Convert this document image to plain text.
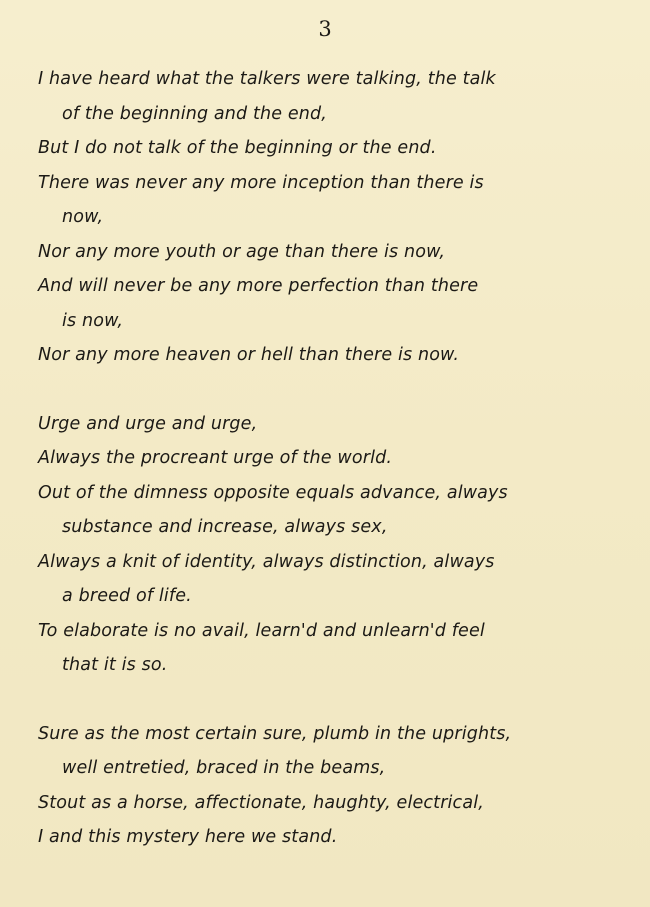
3
I have heard what the talkers were talking, the talk
of the beginning and the end,
But I do not talk of the beginning or the end.
There was never any more inception than there is
now,
Nor any more youth or age than there is now,
And will never be any more perfection than there
is now,
Nor any more heaven or hell than there is now.
Urge and urge and urge,
Always the procreant urge of the world.
Out of the dimness opposite equals advance, always
substance and increase, always sex,
Always a knit of identity, always distinction, always
a breed of life.
To elaborate is no avail, learn'd and unlearn'd feel
that it is so.
Sure as the most certain sure, plumb in the uprights,
well entretied, braced in the beams,
Stout as a horse, affectionate, haughty, electrical,
I and this mystery here we stand.
